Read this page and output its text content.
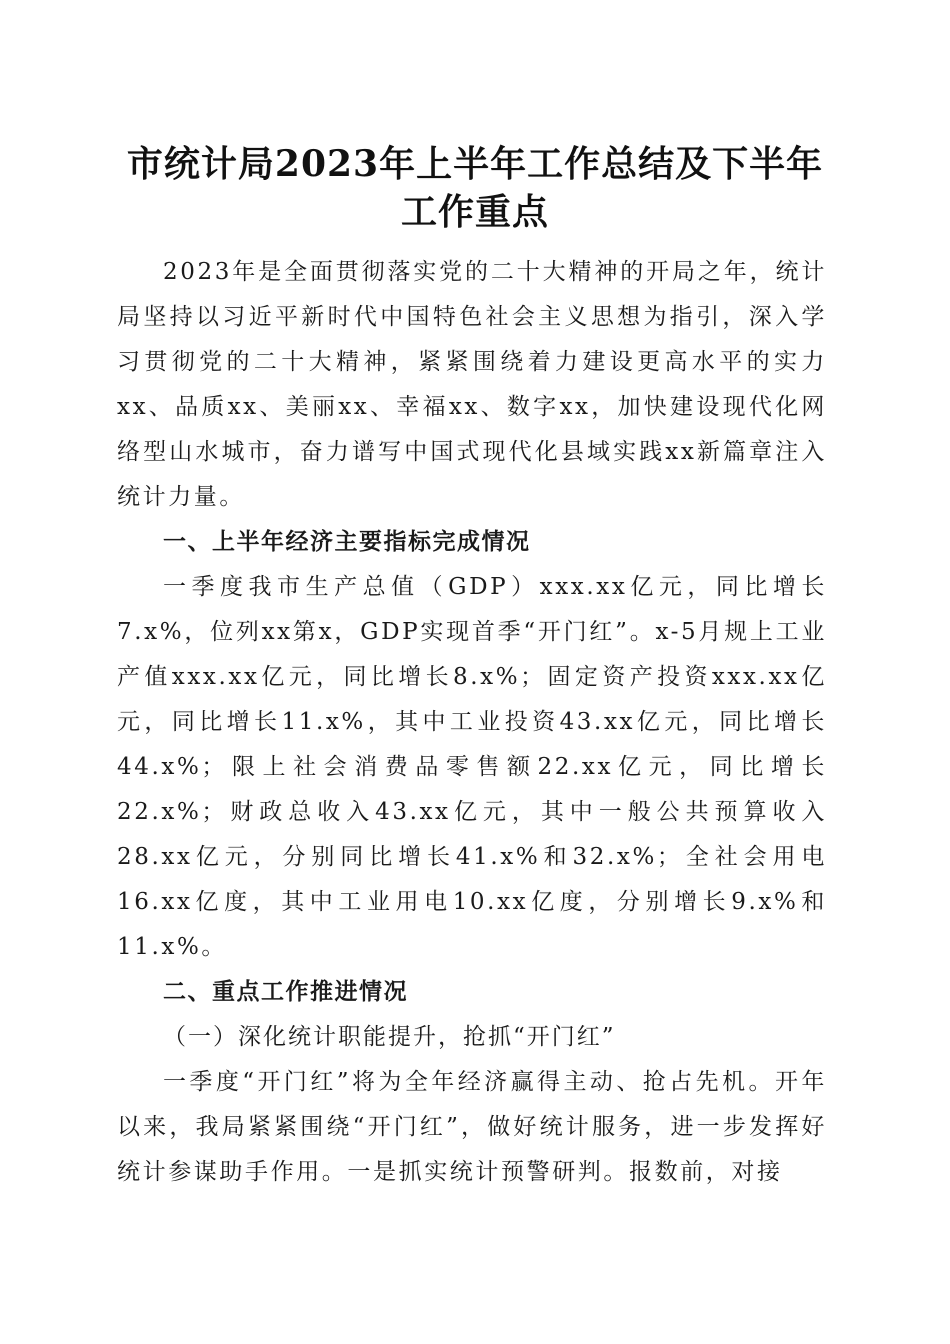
市统计局2023年上半年工作总结及下半年工作重点

2023年是全面贯彻落实党的二十大精神的开局之年，统计局坚持以习近平新时代中国特色社会主义思想为指引，深入学习贯彻党的二十大精神，紧紧围绕着力建设更高水平的实力xx、品质xx、美丽xx、幸福xx、数字xx，加快建设现代化网络型山水城市，奋力谱写中国式现代化县域实践xx新篇章注入统计力量。

一、上半年经济主要指标完成情况

一季度我市生产总值（GDP）xxx.xx亿元，同比增长7.x%，位列xx第x，GDP实现首季“开门红”。x-5月规上工业产值xxx.xx亿元，同比增长8.x%；固定资产投资xxx.xx亿元，同比增长11.x%，其中工业投资43.xx亿元，同比增长44.x%；限上社会消费品零售额22.xx亿元，同比增长22.x%；财政总收入43.xx亿元，其中一般公共预算收入28.xx亿元，分别同比增长41.x%和32.x%；全社会用电16.xx亿度，其中工业用电10.xx亿度，分别增长9.x%和11.x%。

二、重点工作推进情况

（一）深化统计职能提升，抢抓“开门红”

一季度“开门红”将为全年经济赢得主动、抢占先机。开年以来，我局紧紧围绕“开门红”，做好统计服务，进一步发挥好统计参谋助手作用。一是抓实统计预警研判。报数前，对接
